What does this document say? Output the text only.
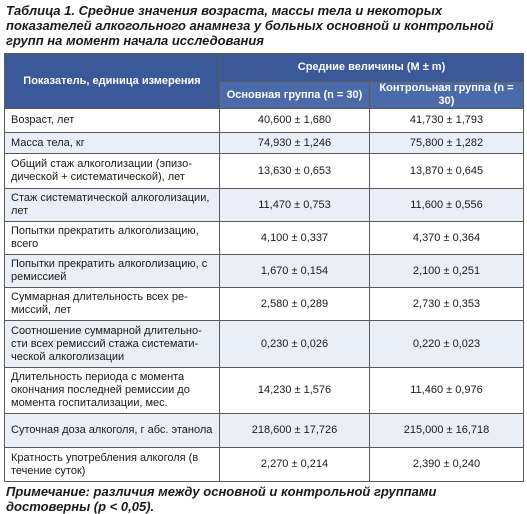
Таблица 1. Средние значения возраста, массы тела и некоторых показателей алкогольного анамнеза у больных основной и контрольной групп на момент начала исследования
Показатель, единица измерения	Средние величины (M ± m)	
	Основная группа (n = 30)	Контрольная группа (n = 30)
Возраст, лет	40,600 ± 1,680	41,730 ± 1,793
Масса тела, кг	74,930 ± 1,246	75,800 ± 1,282
Общий стаж алкоголизации (эпизодической + систематической), лет	13,630 ± 0,653	13,870 ± 0,645
Стаж систематической алкоголизации, лет	11,470 ± 0,753	11,600 ± 0,556
Попытки прекратить алкоголизацию, всего	4,100 ± 0,337	4,370 ± 0,364
Попытки прекратить алкоголизацию, с ремиссией	1,670 ± 0,154	2,100 ± 0,251
Суммарная длительность всех ремиссий, лет	2,580 ± 0,289	2,730 ± 0,353
Соотношение суммарной длительности всех ремиссий стажа систематической алкоголизации	0,230 ± 0,026	0,220 ± 0,023
Длительность периода с момента окончания последней ремиссии до момента госпитализации, мес.	14,230 ± 1,576	11,460 ± 0,976
Суточная доза алкоголя, г абс. этанола	218,600 ± 17,726	215,000 ± 16,718
Кратность употребления алкоголя (в течение суток)	2,270 ± 0,214	2,390 ± 0,240
Примечание: различия между основной и контрольной группами достоверны (р < 0,05).
